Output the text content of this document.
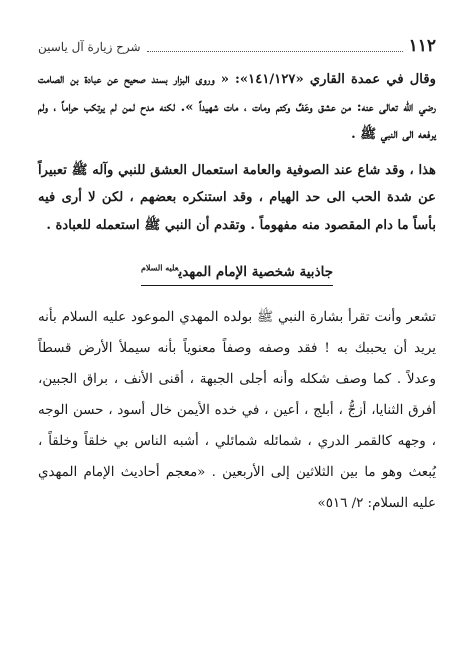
١١٢
شرح زيارة آل ياسين

وقال في عمدة القاري «١٤١/١٢٧»: « وروى البزار بسند صحيح عن عبادة بن الصامت رضي الله تعالى عنه: من عشق وعَفَّ وكتم ومات ، مات شهيداً ». لكنه مدح لمن لم يرتكب حراماً ، ولم يرفعه الى النبي ﷺ .

هذا ، وقد شاع عند الصوفية والعامة استعمال العشق للنبي وآله ﷺ تعبيراً عن شدة الحب الى حد الهيام ، وقد استنكره بعضهم ، لكن لا أرى فيه بأساً ما دام المقصود منه مفهوماً . وتقدم أن النبي ﷺ استعمله للعبادة .

جاذبية شخصية الإمام المهدي$^{عليه السلام}$

تشعر وأنت تقرأ بشارة النبي ﷺ بولده المهدي الموعود عليه السلام بأنه يريد أن يحببك به ! فقد وصفه وصفاً معنوياً بأنه سيملأ الأرض قسطاً وعدلاً . كما وصف شكله وأنه أجلى الجبهة ، أقنى الأنف ، براق الجبين، أفرق الثنايا، أزجُّ ، أبلج ، أعين ، في خده الأيمن خال أسود ، حسن الوجه ، وجهه كالقمر الدري ، شمائله شمائلي ، أشبه الناس بي خلقاً وخلقاً ، يُبعث وهو ما بين الثلاثين إلى الأربعين . «معجم أحاديث الإمام المهدي عليه السلام: ٢/ ٥١٦»
